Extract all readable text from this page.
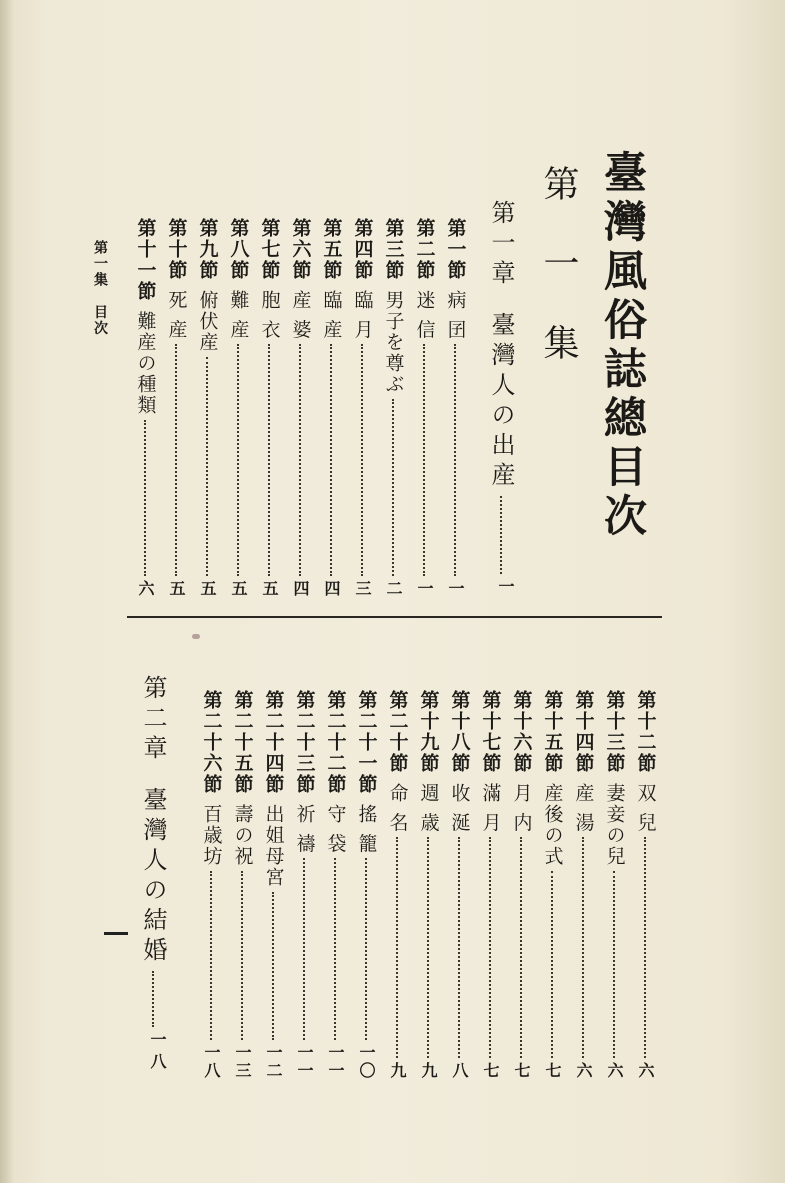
臺灣風俗誌總目次
第 一 集
第一章
臺灣人の出産
一
第二章
臺灣人の結婚
一八
第一節
病 囝
一
第二節
迷 信
一
第三節
男子を尊ぶ
二
第四節
臨 月
三
第五節
臨 産
四
第六節
産 婆
四
第七節
胞 衣
五
第八節
難 産
五
第九節
俯伏産
五
第十節
死 産
五
第十一節
難産の種類
六
第十二節
双 兒
六
第十三節
妻妾の兒
六
第十四節
産 湯
六
第十五節
産後の式
七
第十六節
月 内
七
第十七節
滿 月
七
第十八節
收 涎
八
第十九節
週 歳
九
第二十節
命 名
九
第二十一節
搖 籠
一〇
第二十二節
守 袋
一一
第二十三節
祈 禱
一一
第二十四節
出姐母宮
一二
第二十五節
壽の祝
一三
第二十六節
百歳坊
一八
第一集 目次
